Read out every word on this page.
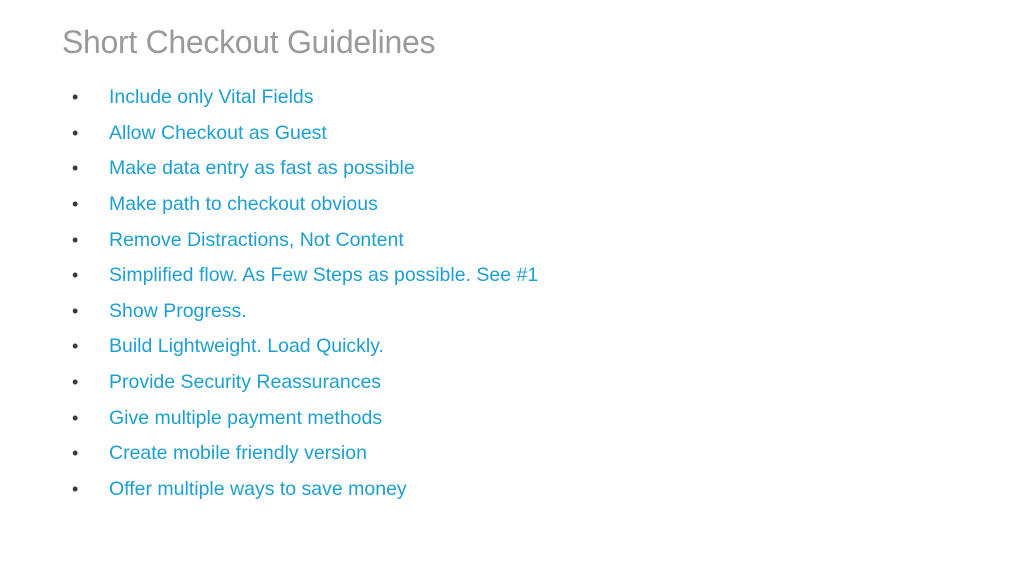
Short Checkout Guidelines
•	Include only Vital Fields
•	Allow Checkout as Guest
•	Make data entry as fast as possible
•	Make path to checkout obvious
•	Remove Distractions, Not Content
•	Simplified flow. As Few Steps as possible. See #1
•	Show Progress.
•	Build Lightweight. Load Quickly.
•	Provide Security Reassurances
•	Give multiple payment methods
•	Create mobile friendly version
•	Offer multiple ways to save money
